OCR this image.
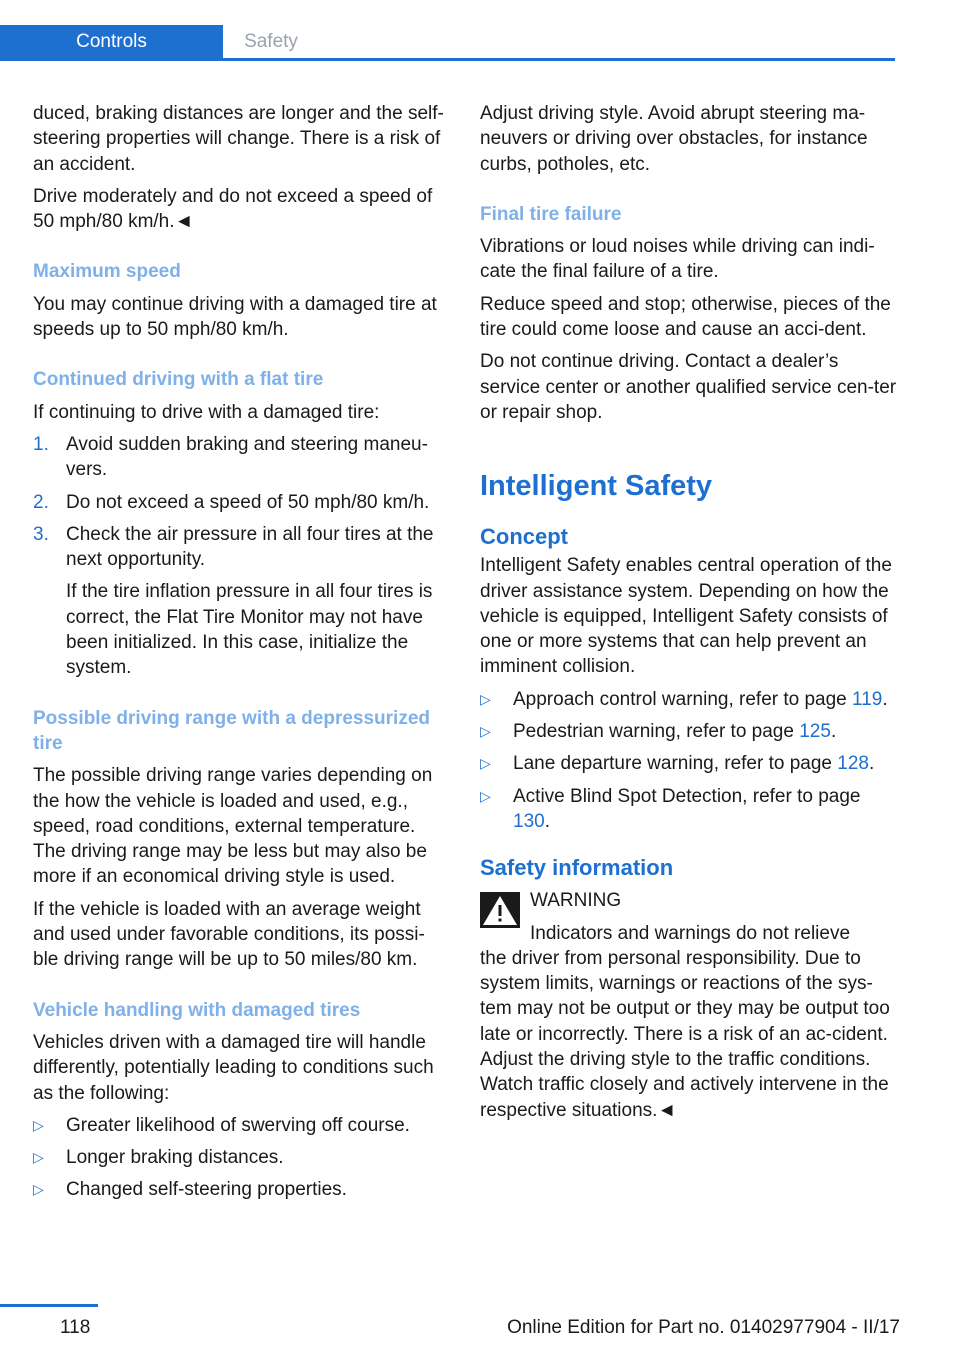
Controls	Safety

duced, braking distances are longer and the self-steering properties will change. There is a risk of an accident.

Drive moderately and do not exceed a speed of 50 mph/80 km/h.◄

Maximum speed

You may continue driving with a damaged tire at speeds up to 50 mph/80 km/h.

Continued driving with a flat tire

If continuing to drive with a damaged tire:

1. Avoid sudden braking and steering maneu-vers.
2. Do not exceed a speed of 50 mph/80 km/h.
3. Check the air pressure in all four tires at the next opportunity.
If the tire inflation pressure in all four tires is correct, the Flat Tire Monitor may not have been initialized. In this case, initialize the system.

Possible driving range with a depressurized tire

The possible driving range varies depending on the how the vehicle is loaded and used, e.g., speed, road conditions, external temperature. The driving range may be less but may also be more if an economical driving style is used.

If the vehicle is loaded with an average weight and used under favorable conditions, its possi-ble driving range will be up to 50 miles/80 km.

Vehicle handling with damaged tires

Vehicles driven with a damaged tire will handle differently, potentially leading to conditions such as the following:

▷ Greater likelihood of swerving off course.
▷ Longer braking distances.
▷ Changed self-steering properties.

Adjust driving style. Avoid abrupt steering ma-neuvers or driving over obstacles, for instance curbs, potholes, etc.

Final tire failure

Vibrations or loud noises while driving can indi-cate the final failure of a tire.

Reduce speed and stop; otherwise, pieces of the tire could come loose and cause an acci-dent.

Do not continue driving. Contact a dealer’s service center or another qualified service cen-ter or repair shop.

Intelligent Safety
Concept

Intelligent Safety enables central operation of the driver assistance system. Depending on how the vehicle is equipped, Intelligent Safety consists of one or more systems that can help prevent an imminent collision.

▷ Approach control warning, refer to page 119.
▷ Pedestrian warning, refer to page 125.
▷ Lane departure warning, refer to page 128.
▷ Active Blind Spot Detection, refer to page 130.
Safety information

WARNING

Indicators and warnings do not relieve
the driver from personal responsibility. Due to system limits, warnings or reactions of the sys-tem may not be output or they may be output too late or incorrectly. There is a risk of an ac-cident. Adjust the driving style to the traffic conditions. Watch traffic closely and actively intervene in the respective situations.◄
118	Online Edition for Part no. 01402977904 - II/17
